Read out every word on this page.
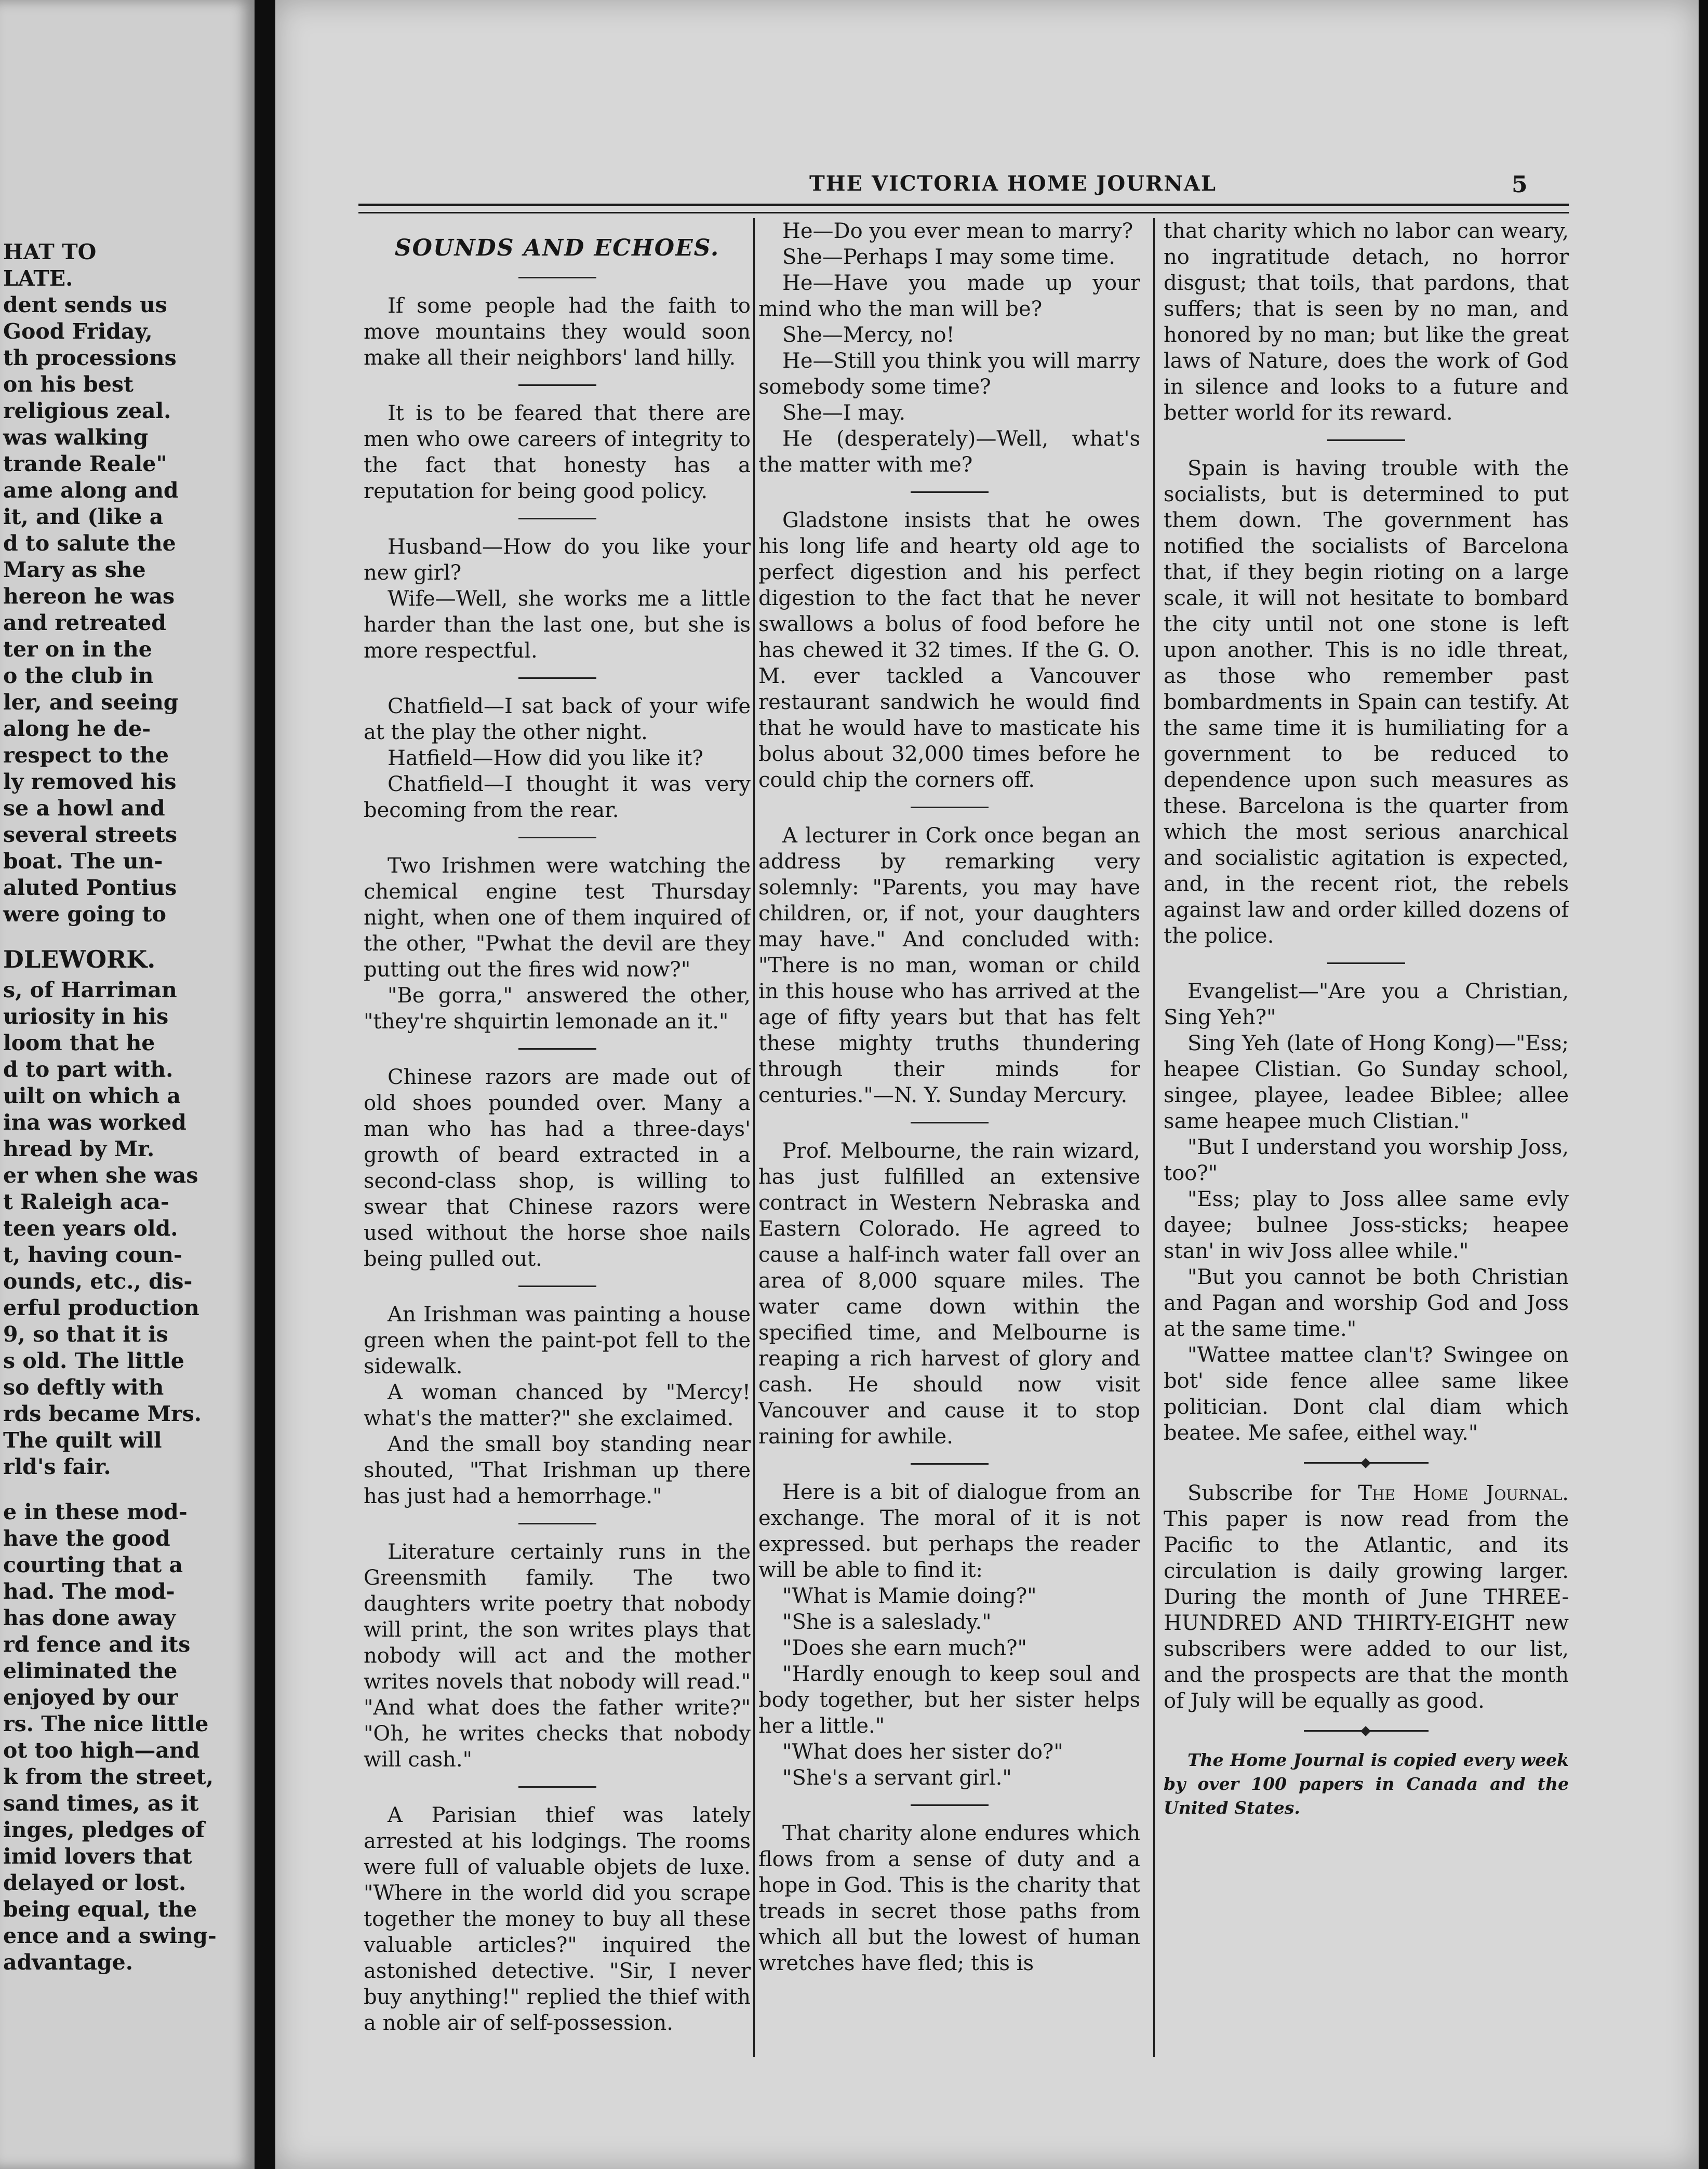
HAT TO

LATE.

dent sends us

Good Friday,

th processions

on his best

religious zeal.

was walking

trande Reale"

ame along and

it, and (like a

d to salute the

Mary as she

hereon he was

and retreated

ter on in the

o the club in

ler, and seeing

along he de-

respect to the

ly removed his

se a howl and

several streets

boat. The un-

aluted Pontius

were going to

DLEWORK.

s, of Harriman

uriosity in his

loom that he

d to part with.

uilt on which a

ina was worked

hread by Mr.

er when she was

t Raleigh aca-

teen years old.

t, having coun-

ounds, etc., dis-

erful production

9, so that it is

s old. The little

so deftly with

rds became Mrs.

The quilt will

rld's fair.

e in these mod-

have the good

courting that a

had. The mod-

has done away

rd fence and its

eliminated the

enjoyed by our

rs. The nice little

ot too high—and

k from the street,

sand times, as it

inges, pledges of

imid lovers that

delayed or lost.

being equal, the

ence and a swing-

advantage.

THE VICTORIA HOME JOURNAL	5
SOUNDS AND ECHOES.

If some people had the faith to move mountains they would soon make all their neighbors' land hilly.

It is to be feared that there are men who owe careers of integrity to the fact that honesty has a reputation for being good policy.

Husband—How do you like your new girl?

Wife—Well, she works me a little harder than the last one, but she is more respectful.

Chatfield—I sat back of your wife at the play the other night.

Hatfield—How did you like it?

Chatfield—I thought it was very becoming from the rear.

Two Irishmen were watching the chemical engine test Thursday night, when one of them inquired of the other, "Pwhat the devil are they putting out the fires wid now?"

"Be gorra," answered the other, "they're shquirtin lemonade an it."

Chinese razors are made out of old shoes pounded over. Many a man who has had a three-days' growth of beard extracted in a second-class shop, is willing to swear that Chinese razors were used without the horse shoe nails being pulled out.

An Irishman was painting a house green when the paint-pot fell to the sidewalk.

A woman chanced by "Mercy! what's the matter?" she exclaimed.

And the small boy standing near shouted, "That Irishman up there has just had a hemorrhage."

Literature certainly runs in the Greensmith family. The two daughters write poetry that nobody will print, the son writes plays that nobody will act and the mother writes novels that nobody will read." "And what does the father write?" "Oh, he writes checks that nobody will cash."

A Parisian thief was lately arrested at his lodgings. The rooms were full of valuable objets de luxe. "Where in the world did you scrape together the money to buy all these valuable articles?" inquired the astonished detective. "Sir, I never buy anything!" replied the thief with a noble air of self-possession.

He—Do you ever mean to marry?

She—Perhaps I may some time.

He—Have you made up your mind who the man will be?

She—Mercy, no!

He—Still you think you will marry somebody some time?

She—I may.

He (desperately)—Well, what's the matter with me?

Gladstone insists that he owes his long life and hearty old age to perfect digestion and his perfect digestion to the fact that he never swallows a bolus of food before he has chewed it 32 times. If the G. O. M. ever tackled a Vancouver restaurant sandwich he would find that he would have to masticate his bolus about 32,000 times before he could chip the corners off.

A lecturer in Cork once began an address by remarking very solemnly: "Parents, you may have children, or, if not, your daughters may have." And concluded with: "There is no man, woman or child in this house who has arrived at the age of fifty years but that has felt these mighty truths thundering through their minds for centuries."—N. Y. Sunday Mercury.

Prof. Melbourne, the rain wizard, has just fulfilled an extensive contract in Western Nebraska and Eastern Colorado. He agreed to cause a half-inch water fall over an area of 8,000 square miles. The water came down within the specified time, and Melbourne is reaping a rich harvest of glory and cash. He should now visit Vancouver and cause it to stop raining for awhile.

Here is a bit of dialogue from an exchange. The moral of it is not expressed. but perhaps the reader will be able to find it:

"What is Mamie doing?"

"She is a saleslady."

"Does she earn much?"

"Hardly enough to keep soul and body together, but her sister helps her a little."

"What does her sister do?"

"She's a servant girl."

That charity alone endures which flows from a sense of duty and a hope in God. This is the charity that treads in secret those paths from which all but the lowest of human wretches have fled; this is

that charity which no labor can weary, no ingratitude detach, no horror disgust; that toils, that pardons, that suffers; that is seen by no man, and honored by no man; but like the great laws of Nature, does the work of God in silence and looks to a future and better world for its reward.

Spain is having trouble with the socialists, but is determined to put them down. The government has notified the socialists of Barcelona that, if they begin rioting on a large scale, it will not hesitate to bombard the city until not one stone is left upon another. This is no idle threat, as those who remember past bombardments in Spain can testify. At the same time it is humiliating for a government to be reduced to dependence upon such measures as these. Barcelona is the quarter from which the most serious anarchical and socialistic agitation is expected, and, in the recent riot, the rebels against law and order killed dozens of the police.

Evangelist—"Are you a Christian, Sing Yeh?"

Sing Yeh (late of Hong Kong)—"Ess; heapee Clistian. Go Sunday school, singee, playee, leadee Biblee; allee same heapee much Clistian."

"But I understand you worship Joss, too?"

"Ess; play to Joss allee same evly dayee; bulnee Joss-sticks; heapee stan' in wiv Joss allee while."

"But you cannot be both Christian and Pagan and worship God and Joss at the same time."

"Wattee mattee clan't? Swingee on bot' side fence allee same likee politician. Dont clal diam which beatee. Me safee, eithel way."

Subscribe for The Home Journal. This paper is now read from the Pacific to the Atlantic, and its circulation is daily growing larger. During the month of June THREE-HUNDRED AND THIRTY-EIGHT new subscribers were added to our list, and the prospects are that the month of July will be equally as good.

The Home Journal is copied every week by over 100 papers in Canada and the United States.
